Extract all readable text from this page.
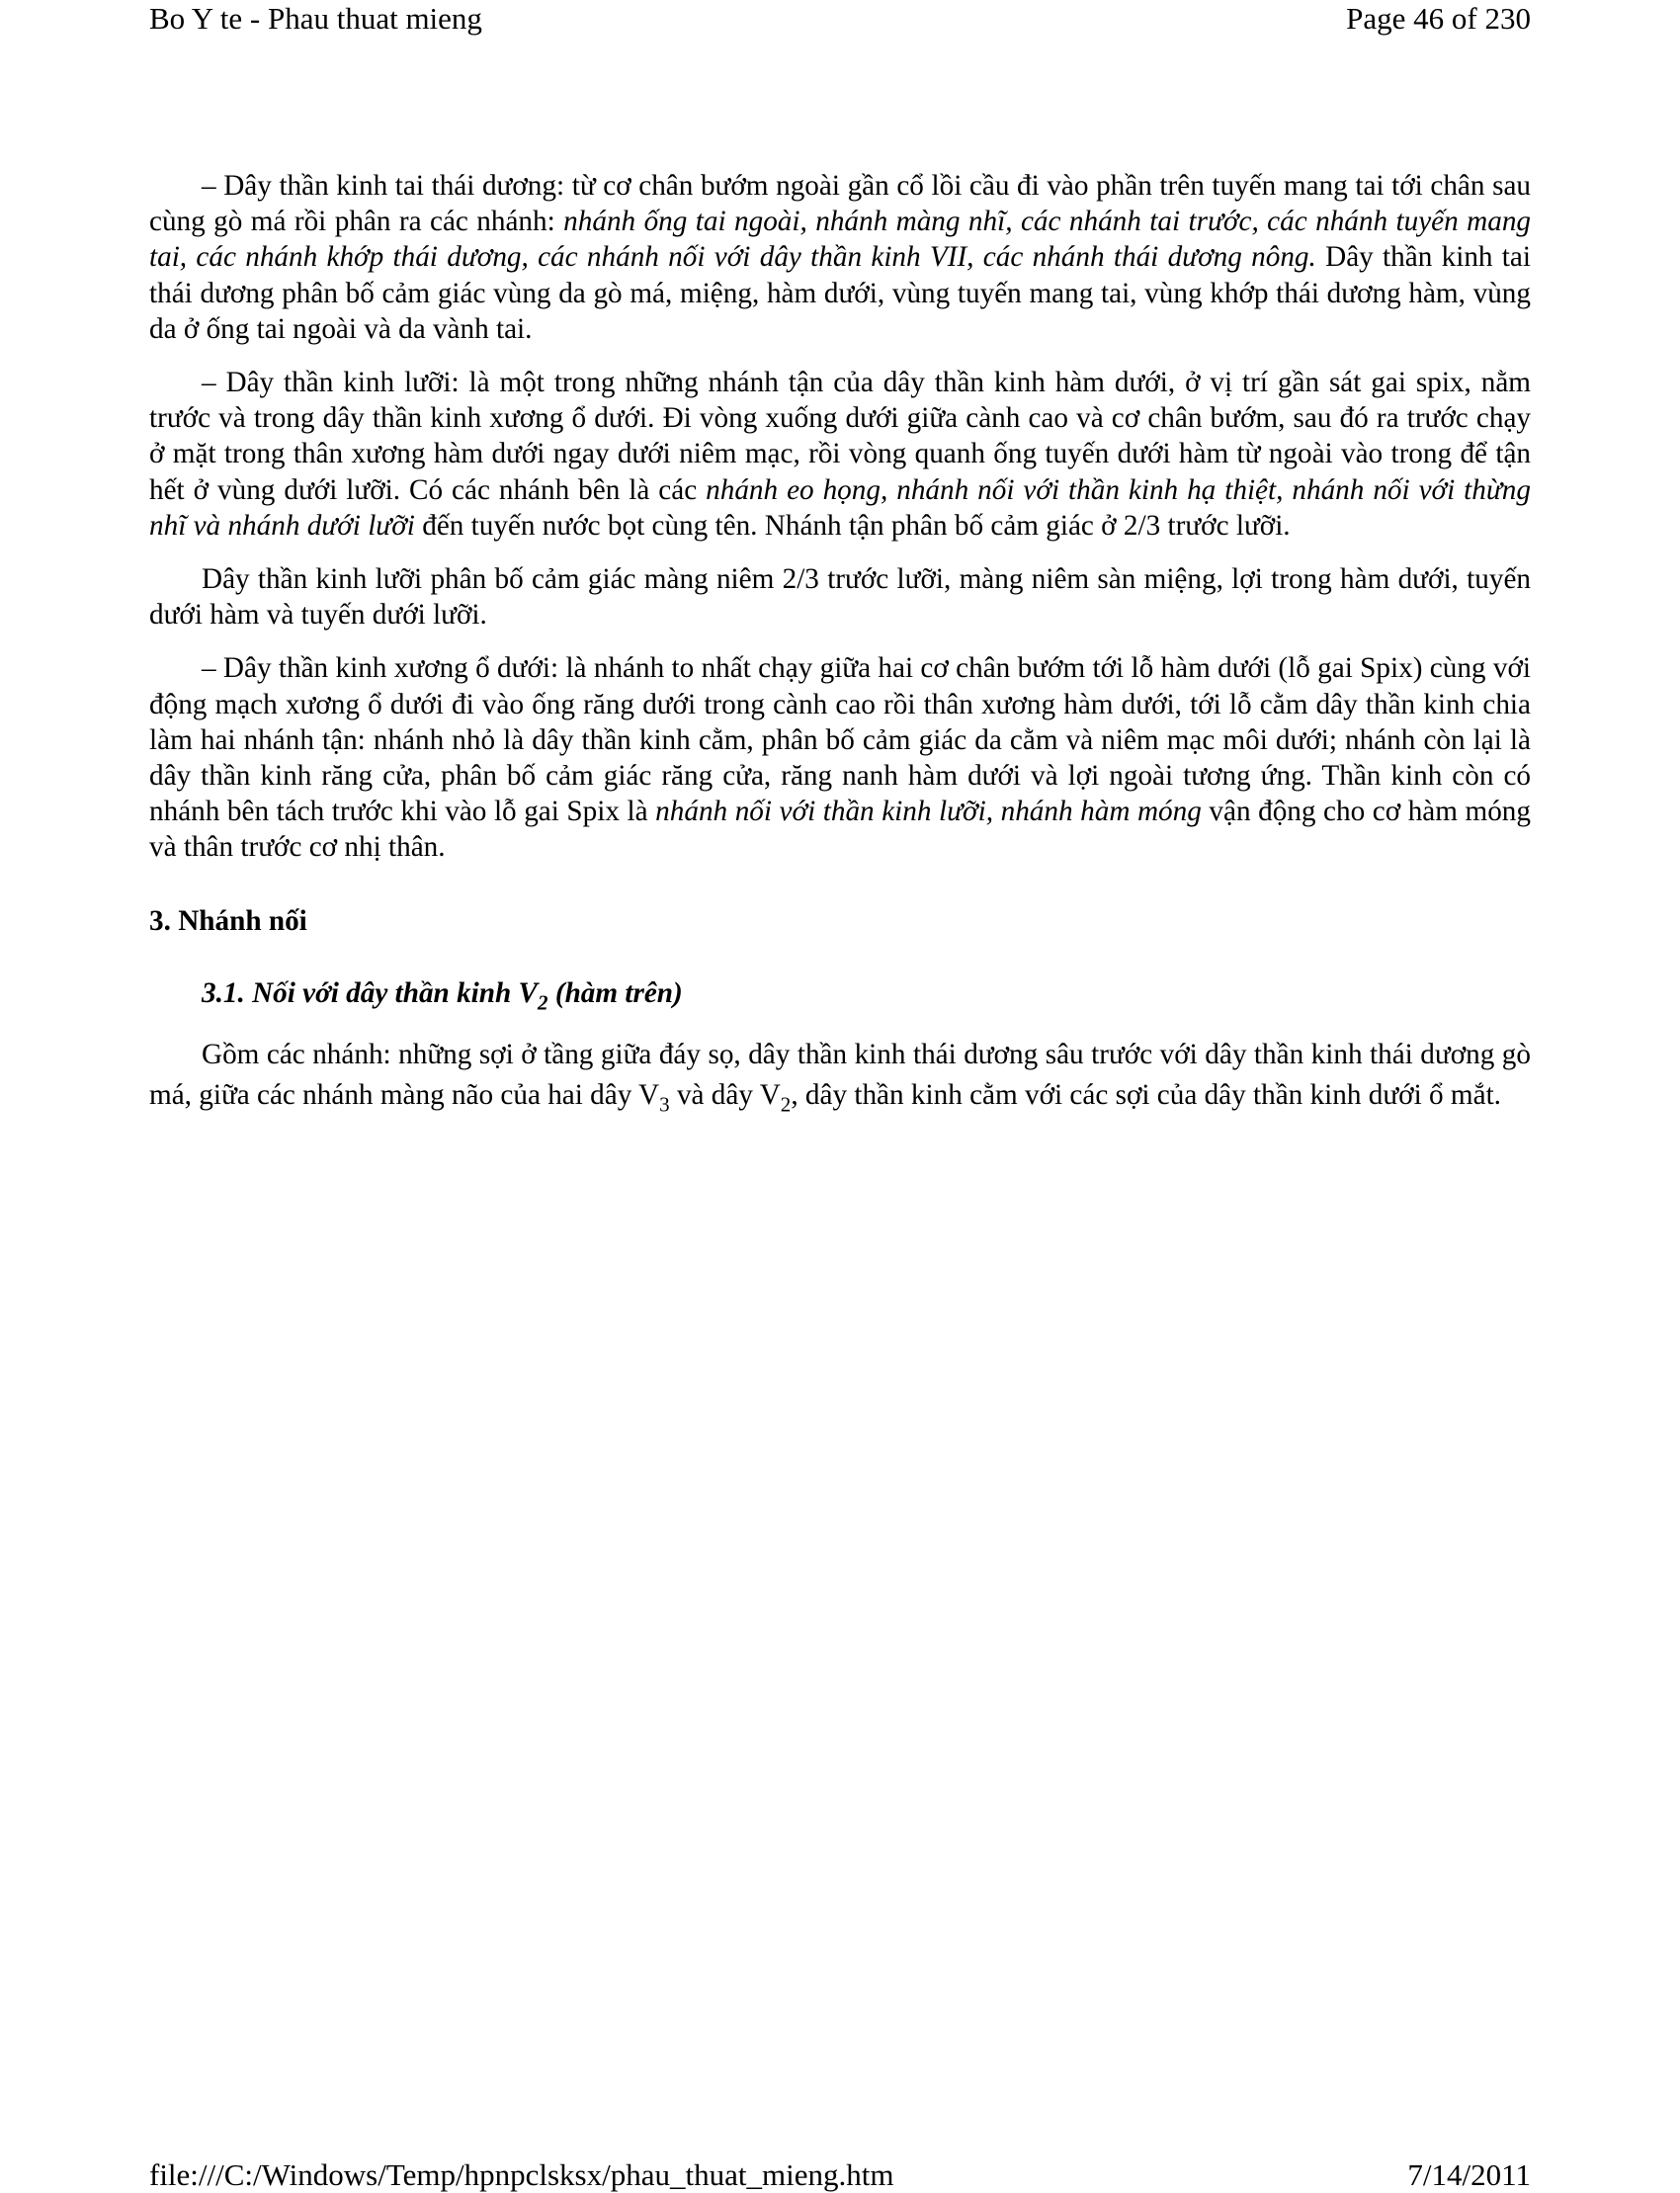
Bo Y te - Phau thuat mieng	Page 46 of 230

– Dây thần kinh tai thái dương: từ cơ chân bướm ngoài gần cổ lồi cầu đi vào phần trên tuyến mang tai tới chân sau cùng gò má rồi phân ra các nhánh: nhánh ống tai ngoài, nhánh màng nhĩ, các nhánh tai trước, các nhánh tuyến mang tai, các nhánh khớp thái dương, các nhánh nối với dây thần kinh VII, các nhánh thái dương nông. Dây thần kinh tai thái dương phân bố cảm giác vùng da gò má, miệng, hàm dưới, vùng tuyến mang tai, vùng khớp thái dương hàm, vùng da ở ống tai ngoài và da vành tai.

– Dây thần kinh lưỡi: là một trong những nhánh tận của dây thần kinh hàm dưới, ở vị trí gần sát gai spix, nằm trước và trong dây thần kinh xương ổ dưới. Đi vòng xuống dưới giữa cành cao và cơ chân bướm, sau đó ra trước chạy ở mặt trong thân xương hàm dưới ngay dưới niêm mạc, rồi vòng quanh ống tuyến dưới hàm từ ngoài vào trong để tận hết ở vùng dưới lưỡi. Có các nhánh bên là các nhánh eo họng, nhánh nối với thần kinh hạ thiệt, nhánh nối với thừng nhĩ và nhánh dưới lưỡi đến tuyến nước bọt cùng tên. Nhánh tận phân bố cảm giác ở 2/3 trước lưỡi.

Dây thần kinh lưỡi phân bố cảm giác màng niêm 2/3 trước lưỡi, màng niêm sàn miệng, lợi trong hàm dưới, tuyến dưới hàm và tuyến dưới lưỡi.

– Dây thần kinh xương ổ dưới: là nhánh to nhất chạy giữa hai cơ chân bướm tới lỗ hàm dưới (lỗ gai Spix) cùng với động mạch xương ổ dưới đi vào ống răng dưới trong cành cao rồi thân xương hàm dưới, tới lỗ cằm dây thần kinh chia làm hai nhánh tận: nhánh nhỏ là dây thần kinh cằm, phân bố cảm giác da cằm và niêm mạc môi dưới; nhánh còn lại là dây thần kinh răng cửa, phân bố cảm giác răng cửa, răng nanh hàm dưới và lợi ngoài tương ứng. Thần kinh còn có nhánh bên tách trước khi vào lỗ gai Spix là nhánh nối với thần kinh lưỡi, nhánh hàm móng vận động cho cơ hàm móng và thân trước cơ nhị thân.

3. Nhánh nối
3.1. Nối với dây thần kinh $V_2$ (hàm trên)

Gồm các nhánh: những sợi ở tầng giữa đáy sọ, dây thần kinh thái dương sâu trước với dây thần kinh thái dương gò má, giữa các nhánh màng não của hai dây $V_3$ và dây $V_2$, dây thần kinh cằm với các sợi của dây thần kinh dưới ổ mắt.

file:///C:/Windows/Temp/hpnpclsksx/phau_thuat_mieng.htm	7/14/2011
